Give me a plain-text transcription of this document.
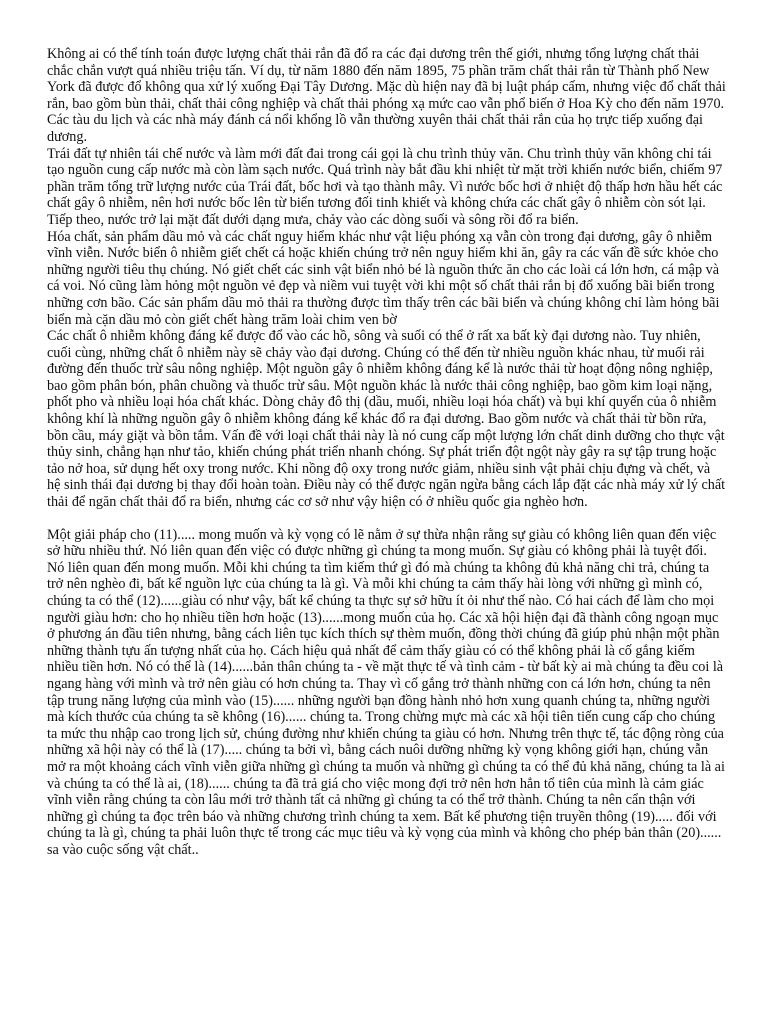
Không ai có thể tính toán được lượng chất thải rắn đã đổ ra các đại dương trên thế giới, nhưng tổng lượng chất thải chắc chắn vượt quá nhiều triệu tấn. Ví dụ, từ năm 1880 đến năm 1895, 75 phần trăm chất thải rắn từ Thành phố New York đã được đổ không qua xử lý xuống Đại Tây Dương. Mặc dù hiện nay đã bị luật pháp cấm, nhưng việc đổ chất thải rắn, bao gồm bùn thải, chất thải công nghiệp và chất thải phóng xạ mức cao vẫn phổ biến ở Hoa Kỳ cho đến năm 1970. Các tàu du lịch và các nhà máy đánh cá nổi khổng lồ vẫn thường xuyên thải chất thải rắn của họ trực tiếp xuống đại dương.

Trái đất tự nhiên tái chế nước và làm mới đất đai trong cái gọi là chu trình thủy văn. Chu trình thủy văn không chỉ tái tạo nguồn cung cấp nước mà còn làm sạch nước. Quá trình này bắt đầu khi nhiệt từ mặt trời khiến nước biển, chiếm 97 phần trăm tổng trữ lượng nước của Trái đất, bốc hơi và tạo thành mây. Vì nước bốc hơi ở nhiệt độ thấp hơn hầu hết các chất gây ô nhiễm, nên hơi nước bốc lên từ biển tương đối tinh khiết và không chứa các chất gây ô nhiễm còn sót lại. Tiếp theo, nước trở lại mặt đất dưới dạng mưa, chảy vào các dòng suối và sông rồi đổ ra biển.

Hóa chất, sản phẩm dầu mỏ và các chất nguy hiểm khác như vật liệu phóng xạ vẫn còn trong đại dương, gây ô nhiễm vĩnh viễn. Nước biển ô nhiễm giết chết cá hoặc khiến chúng trở nên nguy hiểm khi ăn, gây ra các vấn đề sức khỏe cho những người tiêu thụ chúng. Nó giết chết các sinh vật biển nhỏ bé là nguồn thức ăn cho các loài cá lớn hơn, cá mập và cá voi. Nó cũng làm hỏng một nguồn vẻ đẹp và niềm vui tuyệt vời khi một số chất thải rắn bị đổ xuống bãi biển trong những cơn bão. Các sản phẩm dầu mỏ thải ra thường được tìm thấy trên các bãi biển và chúng không chỉ làm hỏng bãi biển mà cặn dầu mỏ còn giết chết hàng trăm loài chim ven bờ

Các chất ô nhiễm không đáng kể được đổ vào các hồ, sông và suối có thể ở rất xa bất kỳ đại dương nào. Tuy nhiên, cuối cùng, những chất ô nhiễm này sẽ chảy vào đại dương. Chúng có thể đến từ nhiều nguồn khác nhau, từ muối rải đường đến thuốc trừ sâu nông nghiệp. Một nguồn gây ô nhiễm không đáng kể là nước thải từ hoạt động nông nghiệp, bao gồm phân bón, phân chuồng và thuốc trừ sâu. Một nguồn khác là nước thải công nghiệp, bao gồm kim loại nặng, phốt pho và nhiều loại hóa chất khác. Dòng chảy đô thị (dầu, muối, nhiều loại hóa chất) và bụi khí quyển của ô nhiễm không khí là những nguồn gây ô nhiễm không đáng kể khác đổ ra đại dương. Bao gồm nước và chất thải từ bồn rửa, bồn cầu, máy giặt và bồn tắm. Vấn đề với loại chất thải này là nó cung cấp một lượng lớn chất dinh dưỡng cho thực vật thủy sinh, chẳng hạn như tảo, khiến chúng phát triển nhanh chóng. Sự phát triển đột ngột này gây ra sự tập trung hoặc tảo nở hoa, sử dụng hết oxy trong nước. Khi nồng độ oxy trong nước giảm, nhiều sinh vật phải chịu đựng và chết, và hệ sinh thái đại dương bị thay đổi hoàn toàn. Điều này có thể được ngăn ngừa bằng cách lắp đặt các nhà máy xử lý chất thải để ngăn chất thải đổ ra biển, nhưng các cơ sở như vậy hiện có ở nhiều quốc gia nghèo hơn.

Một giải pháp cho (11)..... mong muốn và kỳ vọng có lẽ nằm ở sự thừa nhận rằng sự giàu có không liên quan đến việc sở hữu nhiều thứ. Nó liên quan đến việc có được những gì chúng ta mong muốn. Sự giàu có không phải là tuyệt đối. Nó liên quan đến mong muốn. Mỗi khi chúng ta tìm kiếm thứ gì đó mà chúng ta không đủ khả năng chi trả, chúng ta trở nên nghèo đi, bất kể nguồn lực của chúng ta là gì. Và mỗi khi chúng ta cảm thấy hài lòng với những gì mình có, chúng ta có thể (12)......giàu có như vậy, bất kể chúng ta thực sự sở hữu ít ỏi như thế nào. Có hai cách để làm cho mọi người giàu hơn: cho họ nhiều tiền hơn hoặc (13)......mong muốn của họ. Các xã hội hiện đại đã thành công ngoạn mục ở phương án đầu tiên nhưng, bằng cách liên tục kích thích sự thèm muốn, đồng thời chúng đã giúp phủ nhận một phần những thành tựu ấn tượng nhất của họ. Cách hiệu quả nhất để cảm thấy giàu có có thể không phải là cố gắng kiếm nhiều tiền hơn. Nó có thể là (14)......bản thân chúng ta - về mặt thực tế và tình cảm - từ bất kỳ ai mà chúng ta đều coi là ngang hàng với mình và trở nên giàu có hơn chúng ta. Thay vì cố gắng trở thành những con cá lớn hơn, chúng ta nên tập trung năng lượng của mình vào (15)...... những người bạn đồng hành nhỏ hơn xung quanh chúng ta, những người mà kích thước của chúng ta sẽ không (16)...... chúng ta. Trong chừng mực mà các xã hội tiên tiến cung cấp cho chúng ta mức thu nhập cao trong lịch sử, chúng đường như khiến chúng ta giàu có hơn. Nhưng trên thực tế, tác động ròng của những xã hội này có thể là (17)..... chúng ta bởi vì, bằng cách nuôi dưỡng những kỳ vọng không giới hạn, chúng vẫn mở ra một khoảng cách vĩnh viễn giữa những gì chúng ta muốn và những gì chúng ta có thể đủ khả năng, chúng ta là ai và chúng ta có thể là ai, (18)...... chúng ta đã trả giá cho việc mong đợi trở nên hơn hẳn tổ tiên của mình là cảm giác vĩnh viễn rằng chúng ta còn lâu mới trở thành tất cả những gì chúng ta có thể trở thành. Chúng ta nên cẩn thận với những gì chúng ta đọc trên báo và những chương trình chúng ta xem. Bất kể phương tiện truyền thông (19)..... đối với chúng ta là gì, chúng ta phải luôn thực tế trong các mục tiêu và kỳ vọng của mình và không cho phép bản thân (20)...... sa vào cuộc sống vật chất..
